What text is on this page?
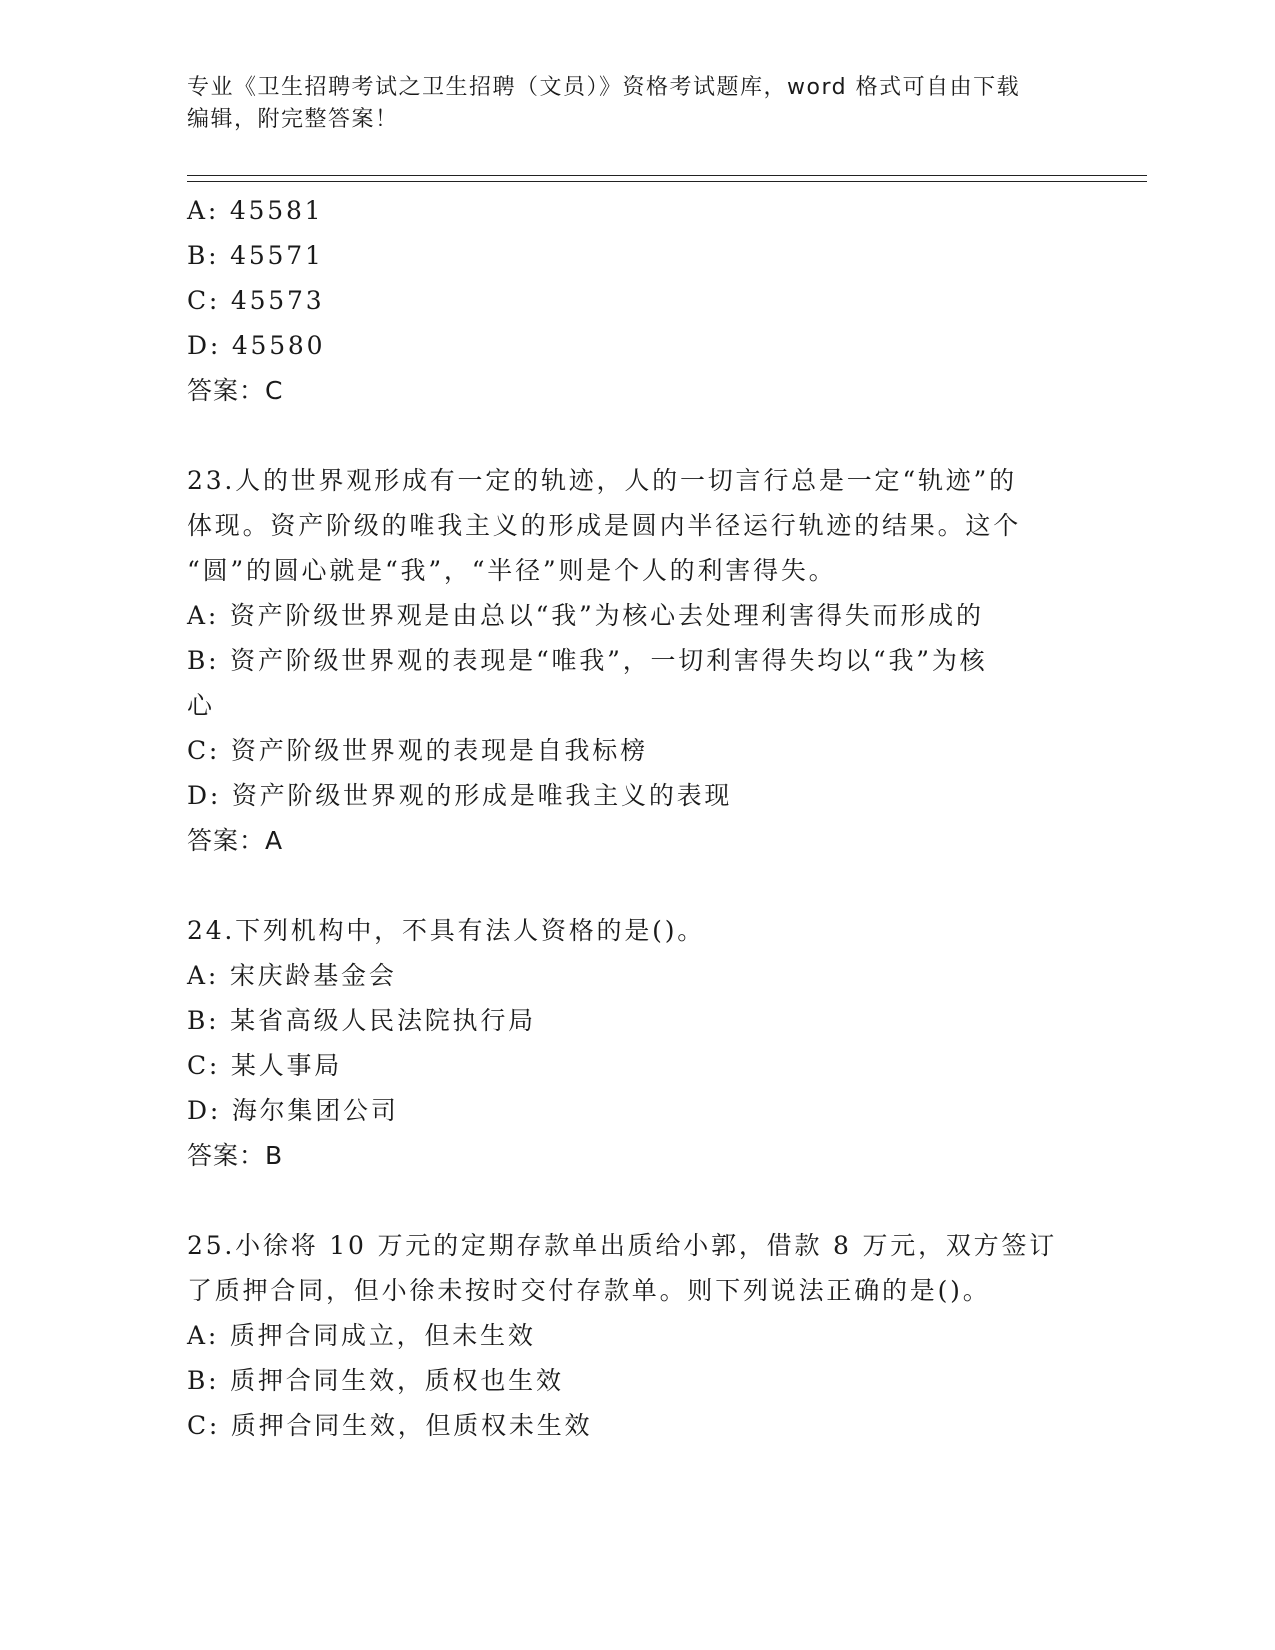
专业《卫生招聘考试之卫生招聘（文员）》资格考试题库，word 格式可自由下载
编辑，附完整答案！
A: 45581
B: 45571
C: 45573
D: 45580
答案：C
23.人的世界观形成有一定的轨迹，人的一切言行总是一定“轨迹”的
体现。资产阶级的唯我主义的形成是圆内半径运行轨迹的结果。这个
“圆”的圆心就是“我”，“半径”则是个人的利害得失。
A: 资产阶级世界观是由总以“我”为核心去处理利害得失而形成的
B: 资产阶级世界观的表现是“唯我”，一切利害得失均以“我”为核
心
C: 资产阶级世界观的表现是自我标榜
D: 资产阶级世界观的形成是唯我主义的表现
答案：A
24.下列机构中，不具有法人资格的是()。
A: 宋庆龄基金会
B: 某省高级人民法院执行局
C: 某人事局
D: 海尔集团公司
答案：B
25.小徐将 10 万元的定期存款单出质给小郭，借款 8 万元，双方签订
了质押合同，但小徐未按时交付存款单。则下列说法正确的是()。
A: 质押合同成立，但未生效
B: 质押合同生效，质权也生效
C: 质押合同生效，但质权未生效
